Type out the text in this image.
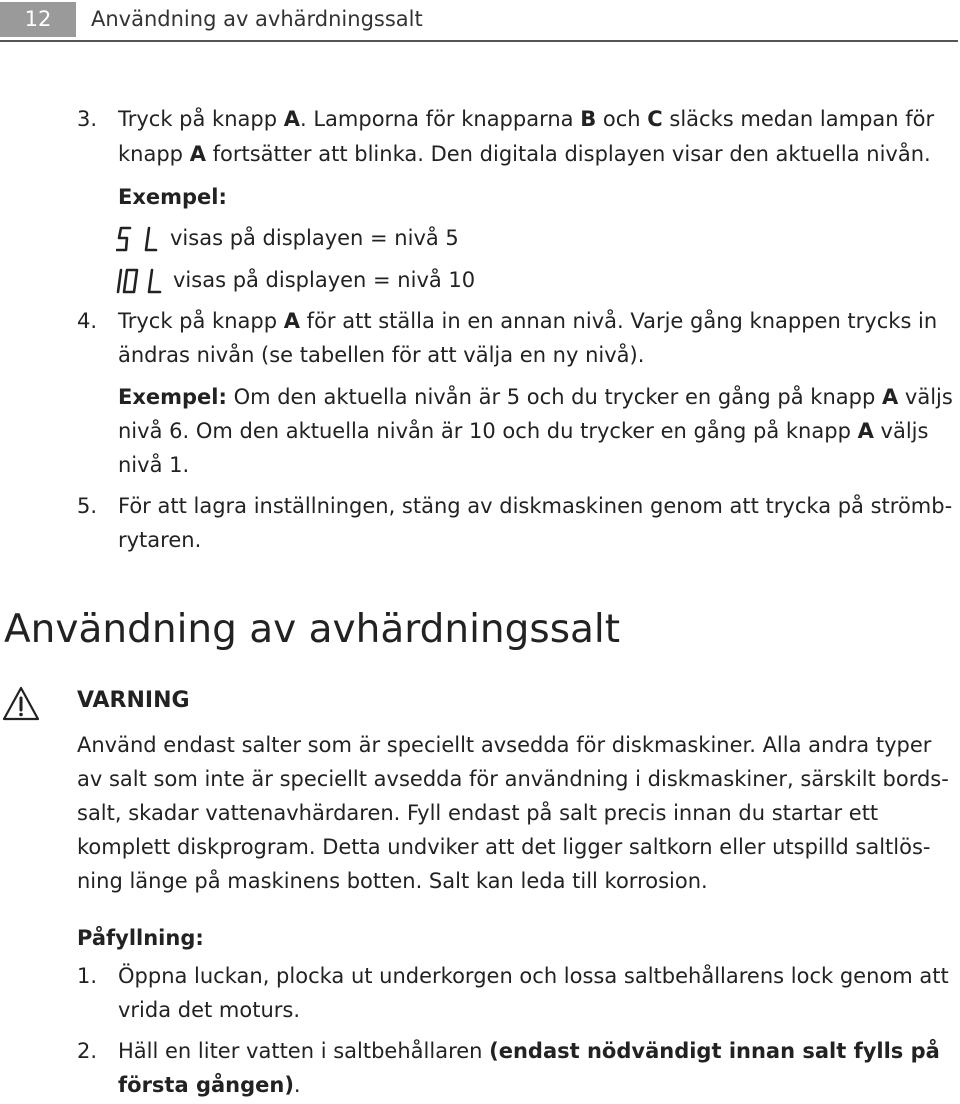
12	Användning av avhärdningssalt
3. Tryck på knapp A. Lamporna för knapparna B och C släcks medan lampan för
knapp A fortsätter att blinka. Den digitala displayen visar den aktuella nivån.
Exempel:
visas på displayen = nivå 5
visas på displayen = nivå 10
4. Tryck på knapp A för att ställa in en annan nivå. Varje gång knappen trycks in
ändras nivån (se tabellen för att välja en ny nivå).
Exempel: Om den aktuella nivån är 5 och du trycker en gång på knapp A väljs
nivå 6. Om den aktuella nivån är 10 och du trycker en gång på knapp A väljs
nivå 1.
5. För att lagra inställningen, stäng av diskmaskinen genom att trycka på strömb-
rytaren.
Användning av avhärdningssalt
VARNING
Använd endast salter som är speciellt avsedda för diskmaskiner. Alla andra typer
av salt som inte är speciellt avsedda för användning i diskmaskiner, särskilt bords-
salt, skadar vattenavhärdaren. Fyll endast på salt precis innan du startar ett
komplett diskprogram. Detta undviker att det ligger saltkorn eller utspilld saltlös-
ning länge på maskinens botten. Salt kan leda till korrosion.
Påfyllning:
1. Öppna luckan, plocka ut underkorgen och lossa saltbehållarens lock genom att
vrida det moturs.
2. Häll en liter vatten i saltbehållaren (endast nödvändigt innan salt fylls på
första gången).
